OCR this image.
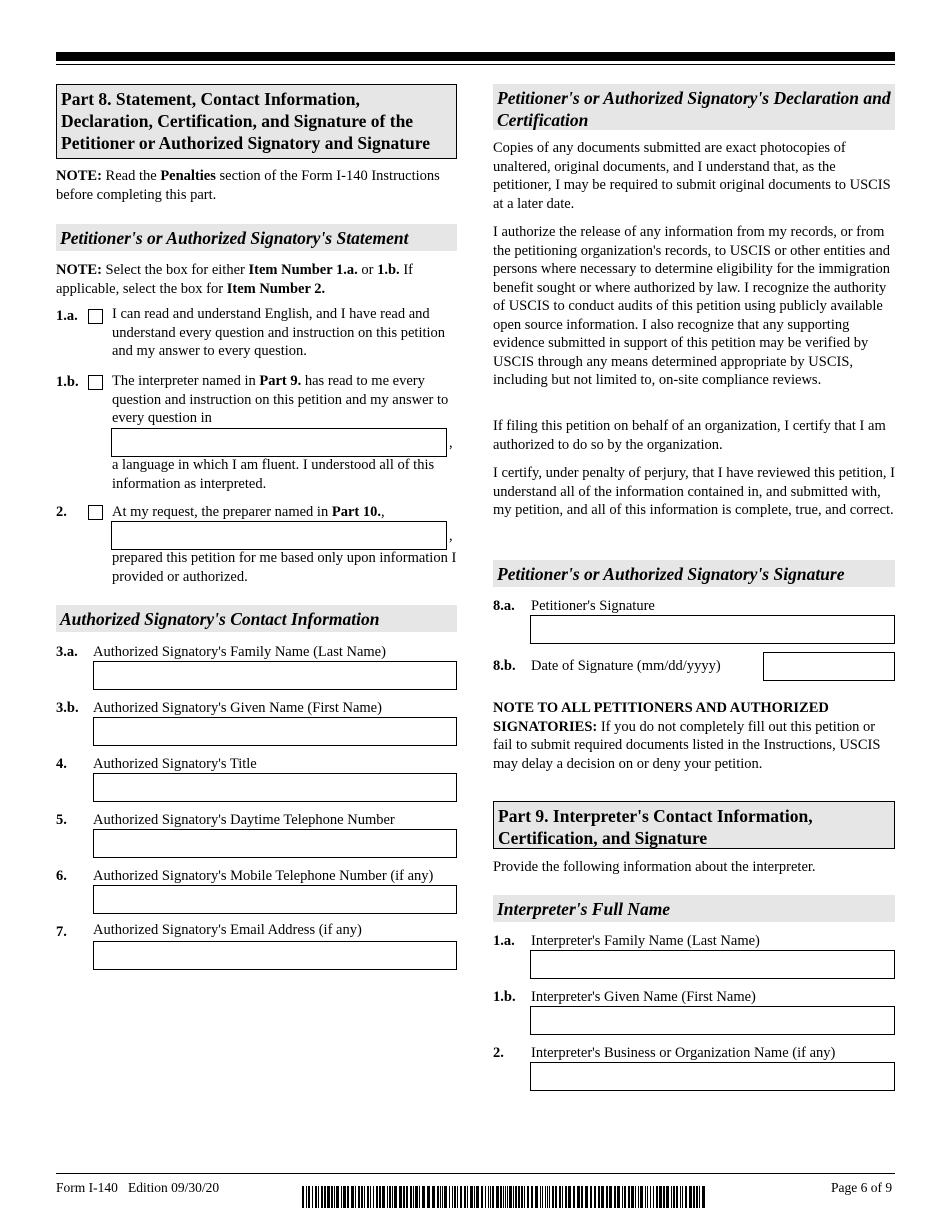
Part 8. Statement, Contact Information, Declaration, Certification, and Signature of the Petitioner or Authorized Signatory and Signature
NOTE: Read the Penalties section of the Form I-140 Instructions before completing this part.
Petitioner's or Authorized Signatory's Statement
NOTE: Select the box for either Item Number 1.a. or 1.b. If applicable, select the box for Item Number 2.
1.a. I can read and understand English, and I have read and understand every question and instruction on this petition and my answer to every question.
1.b. The interpreter named in Part 9. has read to me every question and instruction on this petition and my answer to every question in
,
a language in which I am fluent. I understood all of this information as interpreted.
2.	At my request, the preparer named in Part 10.,
,
prepared this petition for me based only upon information I provided or authorized.
Authorized Signatory's Contact Information
3.a. Authorized Signatory's Family Name (Last Name)
3.b. Authorized Signatory's Given Name (First Name)
4. Authorized Signatory's Title
5. Authorized Signatory's Daytime Telephone Number
6. Authorized Signatory's Mobile Telephone Number (if any)
7. Authorized Signatory's Email Address (if any)
Petitioner's or Authorized Signatory's Declaration and Certification
Copies of any documents submitted are exact photocopies of unaltered, original documents, and I understand that, as the petitioner, I may be required to submit original documents to USCIS at a later date.
I authorize the release of any information from my records, or from the petitioning organization's records, to USCIS or other entities and persons where necessary to determine eligibility for the immigration benefit sought or where authorized by law. I recognize the authority of USCIS to conduct audits of this petition using publicly available open source information. I also recognize that any supporting evidence submitted in support of this petition may be verified by USCIS through any means determined appropriate by USCIS, including but not limited to, on-site compliance reviews.
If filing this petition on behalf of an organization, I certify that I am authorized to do so by the organization.
I certify, under penalty of perjury, that I have reviewed this petition, I understand all of the information contained in, and submitted with, my petition, and all of this information is complete, true, and correct.
Petitioner's or Authorized Signatory's Signature
8.a. Petitioner's Signature
8.b. Date of Signature (mm/dd/yyyy)
NOTE TO ALL PETITIONERS AND AUTHORIZED SIGNATORIES: If you do not completely fill out this petition or fail to submit required documents listed in the Instructions, USCIS may delay a decision on or deny your petition.
Part 9. Interpreter's Contact Information, Certification, and Signature
Provide the following information about the interpreter.
Interpreter's Full Name
1.a. Interpreter's Family Name (Last Name)
1.b. Interpreter's Given Name (First Name)
2. Interpreter's Business or Organization Name (if any)
Form I-140 Edition 09/30/20	Page 6 of 9
